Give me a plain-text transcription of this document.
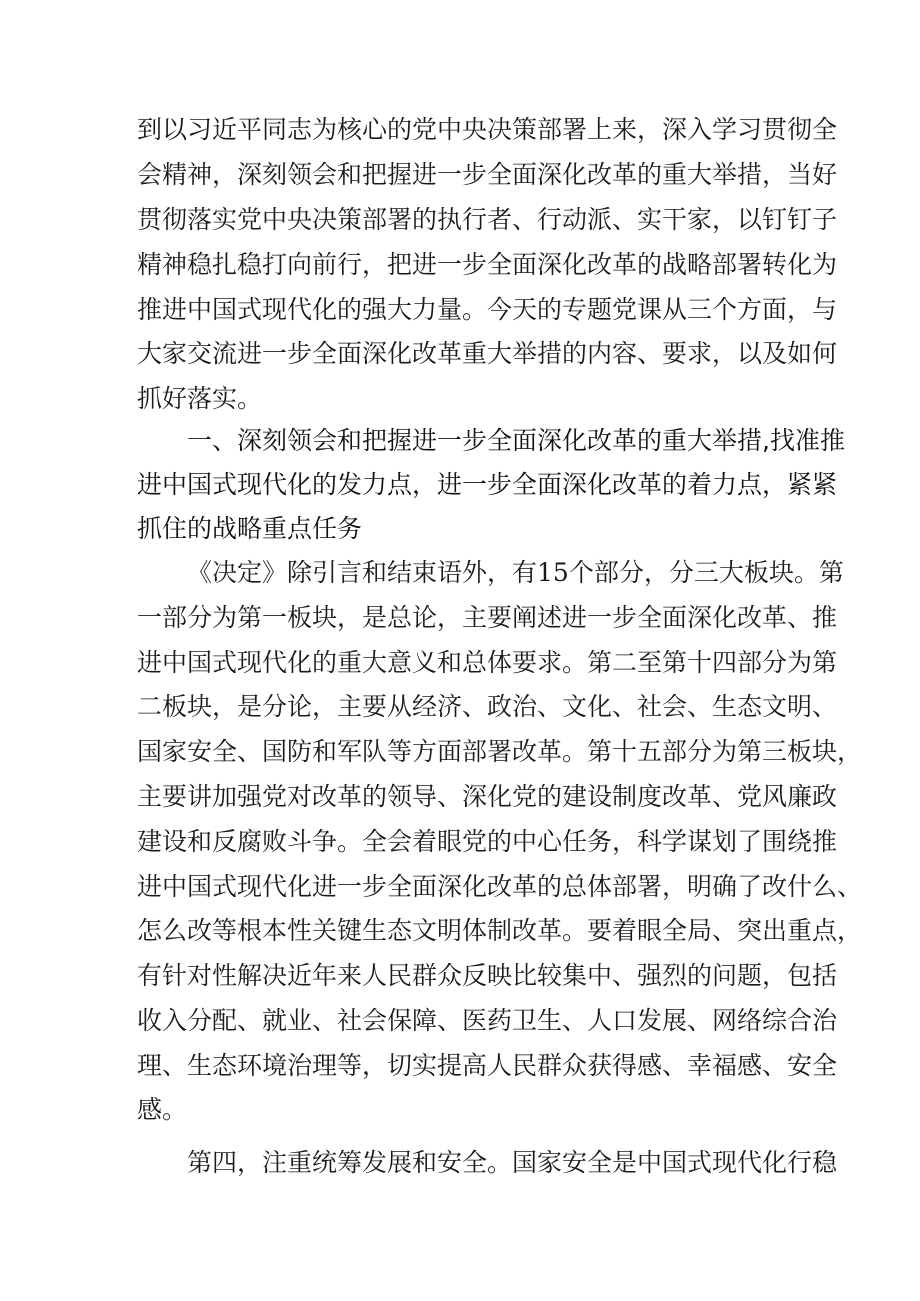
到以习近平同志为核心的党中央决策部署上来，深入学习贯彻全
会精神，深刻领会和把握进一步全面深化改革的重大举措，当好
贯彻落实党中央决策部署的执行者、行动派、实干家，以钉钉子
精神稳扎稳打向前行，把进一步全面深化改革的战略部署转化为
推进中国式现代化的强大力量。今天的专题党课从三个方面，与
大家交流进一步全面深化改革重大举措的内容、要求，以及如何
抓好落实。
一、深刻领会和把握进一步全面深化改革的重大举措,找准推
进中国式现代化的发力点，进一步全面深化改革的着力点，紧紧
抓住的战略重点任务
《决定》除引言和结束语外，有15个部分，分三大板块。第
一部分为第一板块，是总论，主要阐述进一步全面深化改革、推
进中国式现代化的重大意义和总体要求。第二至第十四部分为第
二板块，是分论，主要从经济、政治、文化、社会、生态文明、
国家安全、国防和军队等方面部署改革。第十五部分为第三板块，
主要讲加强党对改革的领导、深化党的建设制度改革、党风廉政
建设和反腐败斗争。全会着眼党的中心任务，科学谋划了围绕推
进中国式现代化进一步全面深化改革的总体部署，明确了改什么、
怎么改等根本性关键生态文明体制改革。要着眼全局、突出重点，
有针对性解决近年来人民群众反映比较集中、强烈的问题，包括
收入分配、就业、社会保障、医药卫生、人口发展、网络综合治
理、生态环境治理等，切实提高人民群众获得感、幸福感、安全
感。
第四，注重统筹发展和安全。国家安全是中国式现代化行稳
